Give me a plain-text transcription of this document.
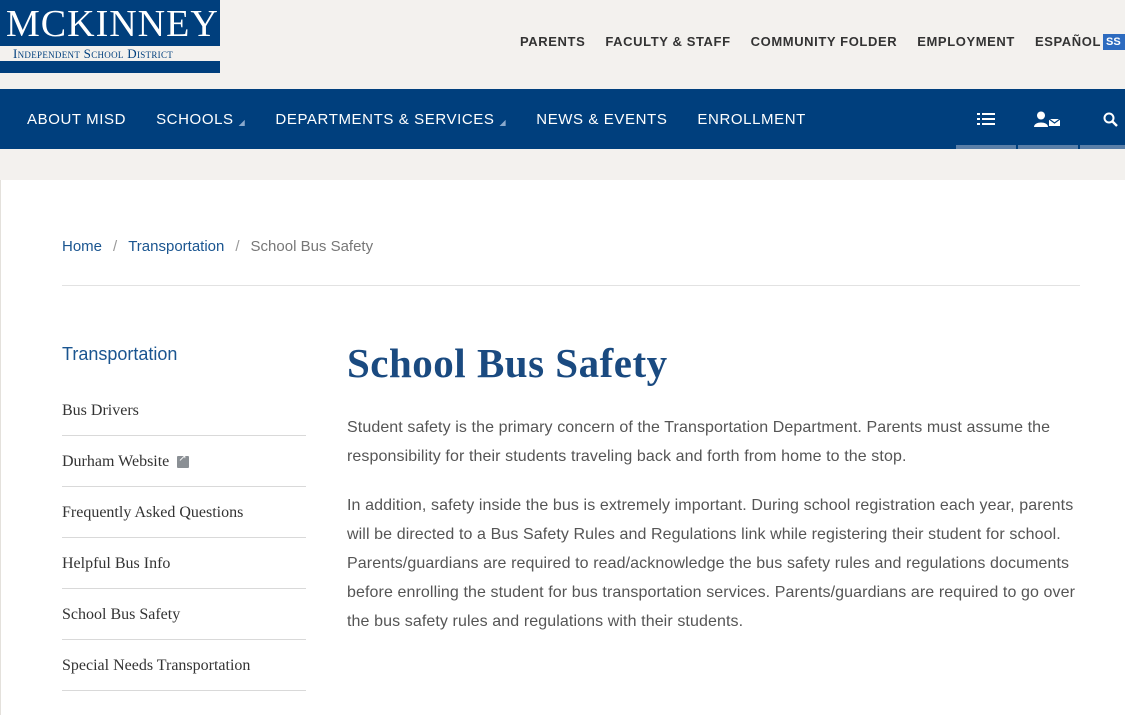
MCKINNEY
Independent School District
PARENTS FACULTY & STAFF COMMUNITY FOLDER EMPLOYMENT ESPAÑOL SS
ABOUT MISD SCHOOLS ◢ DEPARTMENTS & SERVICES ◢ NEWS & EVENTS ENROLLMENT
Home / Transportation / School Bus Safety
Transportation
Bus Drivers
Durham Website
↗
Frequently Asked Questions
Helpful Bus Info
School Bus Safety
Special Needs Transportation
School Bus Safety

Student safety is the primary concern of the Transportation Department. Parents must assume the responsibility for their students traveling back and forth from home to the stop.

In addition, safety inside the bus is extremely important. During school registration each year, parents will be directed to a Bus Safety Rules and Regulations link while registering their student for school. Parents/guardians are required to read/acknowledge the bus safety rules and regulations documents before enrolling the student for bus transportation services. Parents/guardians are required to go over the bus safety rules and regulations with their students.
